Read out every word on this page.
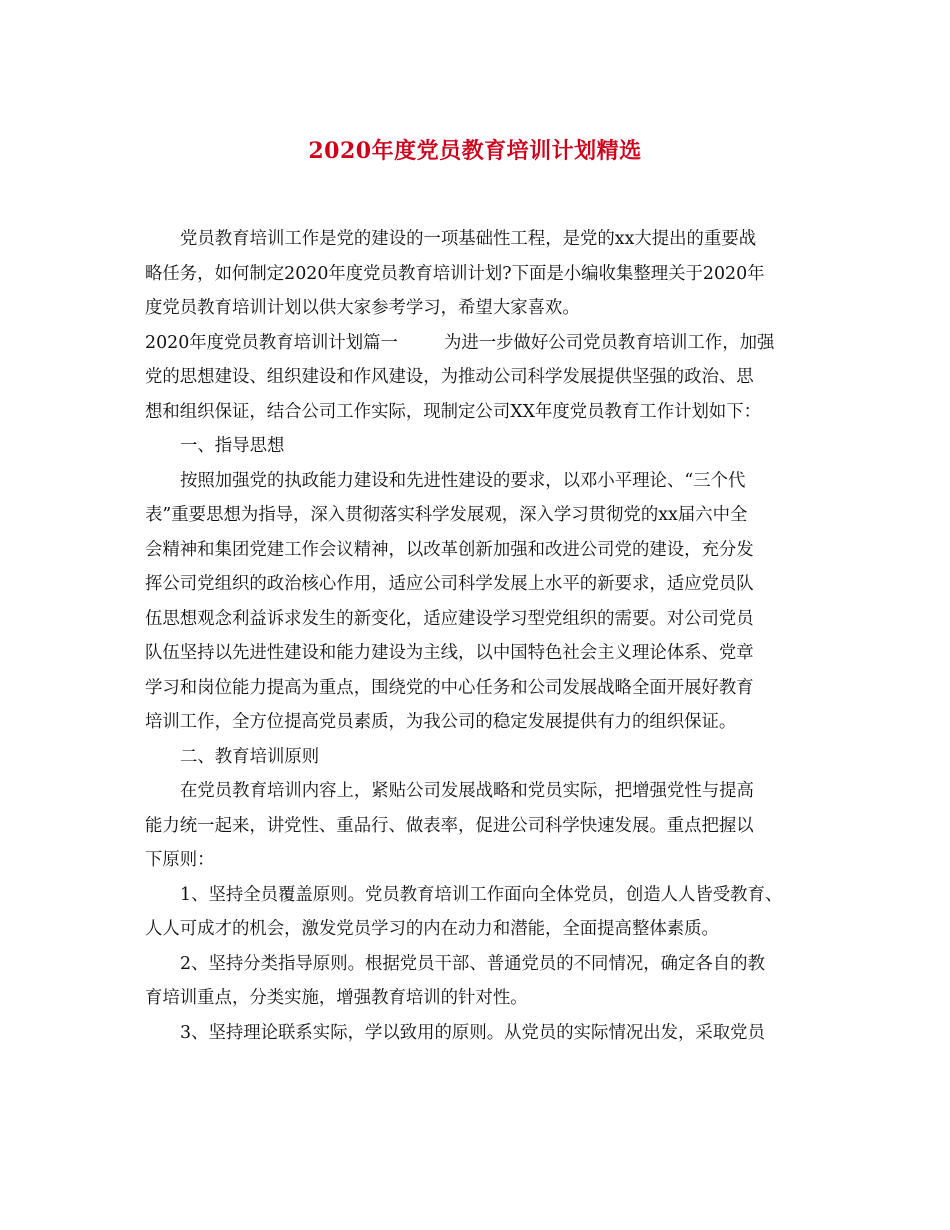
2020年度党员教育培训计划精选
党员教育培训工作是党的建设的一项基础性工程，是党的xx大提出的重要战
略任务，如何制定2020年度党员教育培训计划?下面是小编收集整理关于2020年
度党员教育培训计划以供大家参考学习，希望大家喜欢。
2020年度党员教育培训计划篇一	为进一步做好公司党员教育培训工作，加强
党的思想建设、组织建设和作风建设，为推动公司科学发展提供坚强的政治、思
想和组织保证，结合公司工作实际，现制定公司XX年度党员教育工作计划如下：
一、指导思想
按照加强党的执政能力建设和先进性建设的要求，以邓小平理论、“三个代
表”重要思想为指导，深入贯彻落实科学发展观，深入学习贯彻党的xx届六中全
会精神和集团党建工作会议精神，以改革创新加强和改进公司党的建设，充分发
挥公司党组织的政治核心作用，适应公司科学发展上水平的新要求，适应党员队
伍思想观念利益诉求发生的新变化，适应建设学习型党组织的需要。对公司党员
队伍坚持以先进性建设和能力建设为主线，以中国特色社会主义理论体系、党章
学习和岗位能力提高为重点，围绕党的中心任务和公司发展战略全面开展好教育
培训工作，全方位提高党员素质，为我公司的稳定发展提供有力的组织保证。
二、教育培训原则
在党员教育培训内容上，紧贴公司发展战略和党员实际，把增强党性与提高
能力统一起来，讲党性、重品行、做表率，促进公司科学快速发展。重点把握以
下原则：
1、坚持全员覆盖原则。党员教育培训工作面向全体党员，创造人人皆受教育、
人人可成才的机会，激发党员学习的内在动力和潜能，全面提高整体素质。
2、坚持分类指导原则。根据党员干部、普通党员的不同情况，确定各自的教
育培训重点，分类实施，增强教育培训的针对性。
3、坚持理论联系实际，学以致用的原则。从党员的实际情况出发，采取党员
